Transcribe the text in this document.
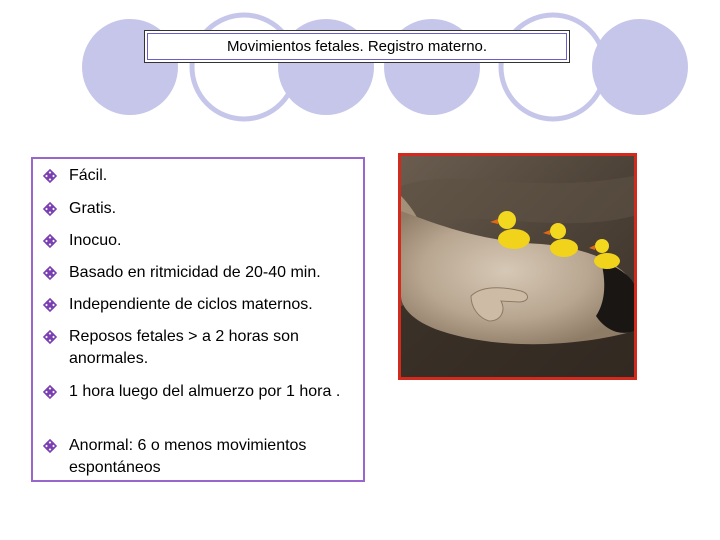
Movimientos fetales. Registro materno.
Fácil.
Gratis.
Inocuo.
Basado en ritmicidad de 20-40 min.
Independiente de ciclos maternos.
Reposos fetales > a 2 horas son anormales.
1 hora luego del almuerzo por 1 hora .
Anormal: 6 o menos movimientos espontáneos
